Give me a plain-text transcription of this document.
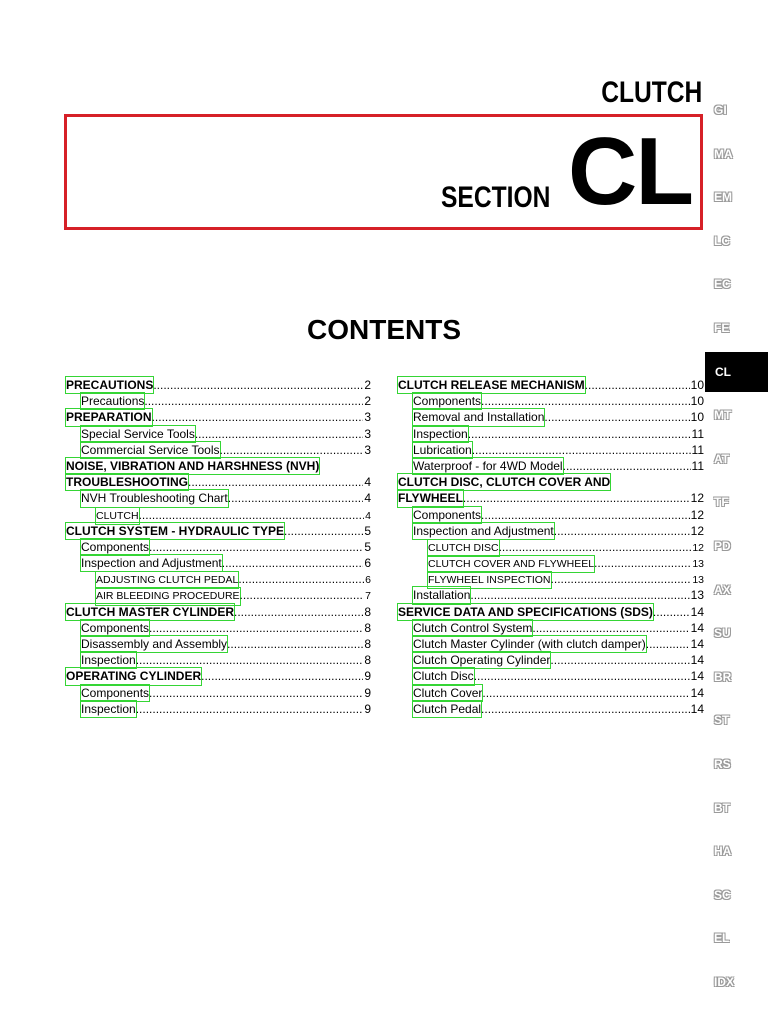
CLUTCH
SECTION CL
CONTENTS
GI
MA
EM
LC
EC
FE
CL
MT
AT
TF
PD
AX
SU
BR
ST
RS
BT
HA
SC
EL
IDX
PRECAUTIONS .....	2
Precautions .....	2
PREPARATION .....	3
Special Service Tools .....	3
Commercial Service Tools .....	3
NOISE, VIBRATION AND HARSHNESS (NVH)
TROUBLESHOOTING .....	4
NVH Troubleshooting Chart .....	4
CLUTCH .....	4
CLUTCH SYSTEM - HYDRAULIC TYPE .....	5
Components .....	5
Inspection and Adjustment .....	6
ADJUSTING CLUTCH PEDAL .....	6
AIR BLEEDING PROCEDURE .....	7
CLUTCH MASTER CYLINDER .....	8
Components .....	8
Disassembly and Assembly .....	8
Inspection .....	8
OPERATING CYLINDER .....	9
Components .....	9
Inspection .....	9
CLUTCH RELEASE MECHANISM .....	10
Components .....	10
Removal and Installation .....	10
Inspection .....	11
Lubrication .....	11
Waterproof - for 4WD Model .....	11
CLUTCH DISC, CLUTCH COVER AND
FLYWHEEL .....	12
Components .....	12
Inspection and Adjustment .....	12
CLUTCH DISC .....	12
CLUTCH COVER AND FLYWHEEL .....	13
FLYWHEEL INSPECTION .....	13
Installation .....	13
SERVICE DATA AND SPECIFICATIONS (SDS) .....	14
Clutch Control System .....	14
Clutch Master Cylinder (with clutch damper) .....	14
Clutch Operating Cylinder .....	14
Clutch Disc .....	14
Clutch Cover .....	14
Clutch Pedal .....	14
